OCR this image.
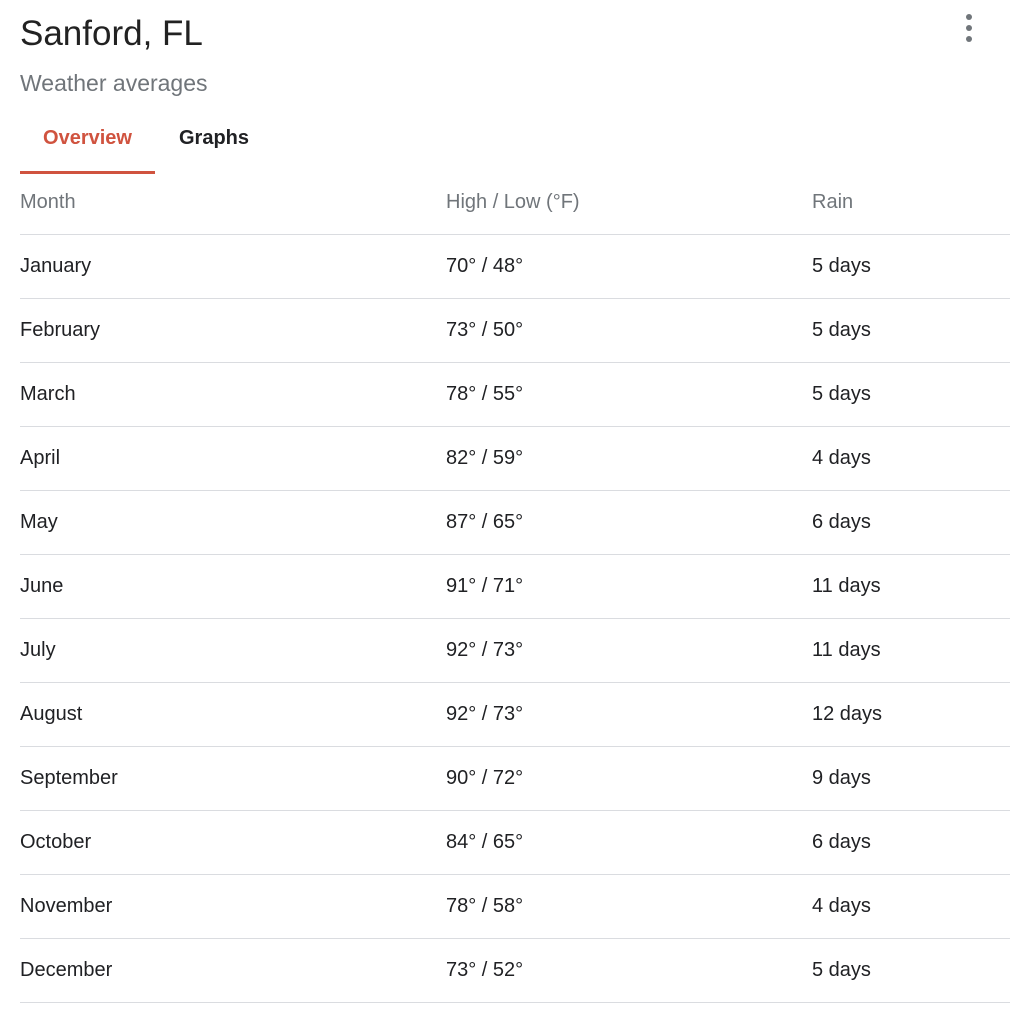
Sanford, FL
Weather averages
Overview	Graphs
Month	High / Low (°F)	Rain
January	70° / 48°	5 days
February	73° / 50°	5 days
March	78° / 55°	5 days
April	82° / 59°	4 days
May	87° / 65°	6 days
June	91° / 71°	11 days
July	92° / 73°	11 days
August	92° / 73°	12 days
September	90° / 72°	9 days
October	84° / 65°	6 days
November	78° / 58°	4 days
December	73° / 52°	5 days
